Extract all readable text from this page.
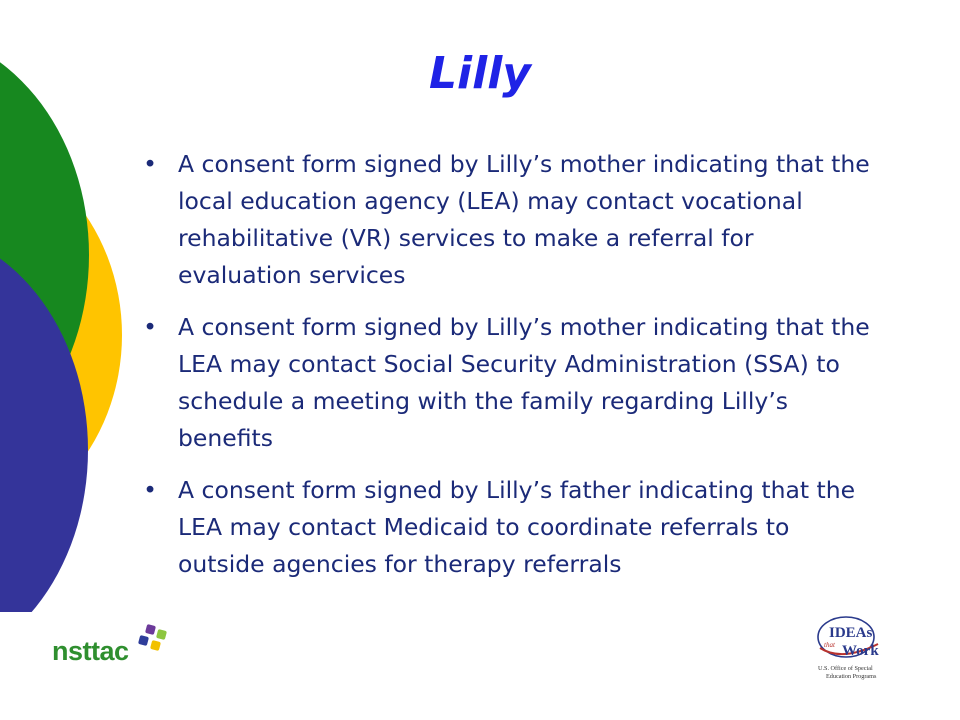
Lilly
• A consent form signed by Lilly’s mother indicating that the local education agency (LEA) may contact vocational rehabilitative (VR) services to make a referral for evaluation services
• A consent form signed by Lilly’s mother indicating that the LEA may contact Social Security Administration (SSA) to schedule a meeting with the family regarding Lilly’s benefits
• A consent form signed by Lilly’s father indicating that the LEA may contact Medicaid to coordinate referrals to outside agencies for therapy referrals
nsttac
IDEAs
that Work
U.S. Office of Special
Education Programs
